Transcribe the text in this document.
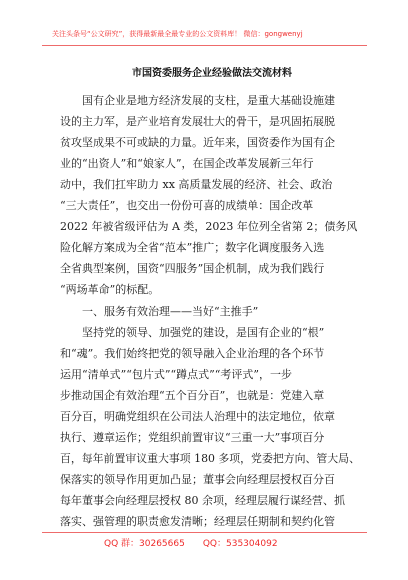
关注头条号“公文研究”，获得最新最全最专业的公文资料库！ 微信：gongwenyj
市国资委服务企业经验做法交流材料
　　国有企业是地方经济发展的支柱，是重大基础设施建
设的主力军，是产业培育发展壮大的骨干，是巩固拓展脱
贫攻坚成果不可或缺的力量。近年来，国资委作为国有企
业的“出资人”和“娘家人”，在国企改革发展新三年行
动中，我们扛牢助力 xx 高质量发展的经济、社会、政治
“三大责任”，也交出一份份可喜的成绩单：国企改革
2022 年被省级评估为 A 类，2023 年位列全省第 2；债务风
险化解方案成为全省“范本”推广；数字化调度服务入选
全省典型案例，国资“四服务”国企机制，成为我们践行
“两场革命”的标配。
　　一、服务有效治理——当好“主推手”
　　坚持党的领导、加强党的建设，是国有企业的“根”
和“魂”。我们始终把党的领导融入企业治理的各个环节
运用“清单式”“包片式”“蹲点式”“考评式”，一步
步推动国企有效治理“五个百分百”，也就是：党建入章
百分百，明确党组织在公司法人治理中的法定地位，依章
执行、遵章运作；党组织前置审议“三重一大”事项百分
百，每年前置审议重大事项 180 多项，党委把方向、管大局、
保落实的领导作用更加凸显；董事会向经理层授权百分百
每年董事会向经理层授权 80 余项，经理层履行谋经营、抓
落实、强管理的职责愈发清晰；经理层任期制和契约化管
QQ 群：30265665　　QQ：535304092
